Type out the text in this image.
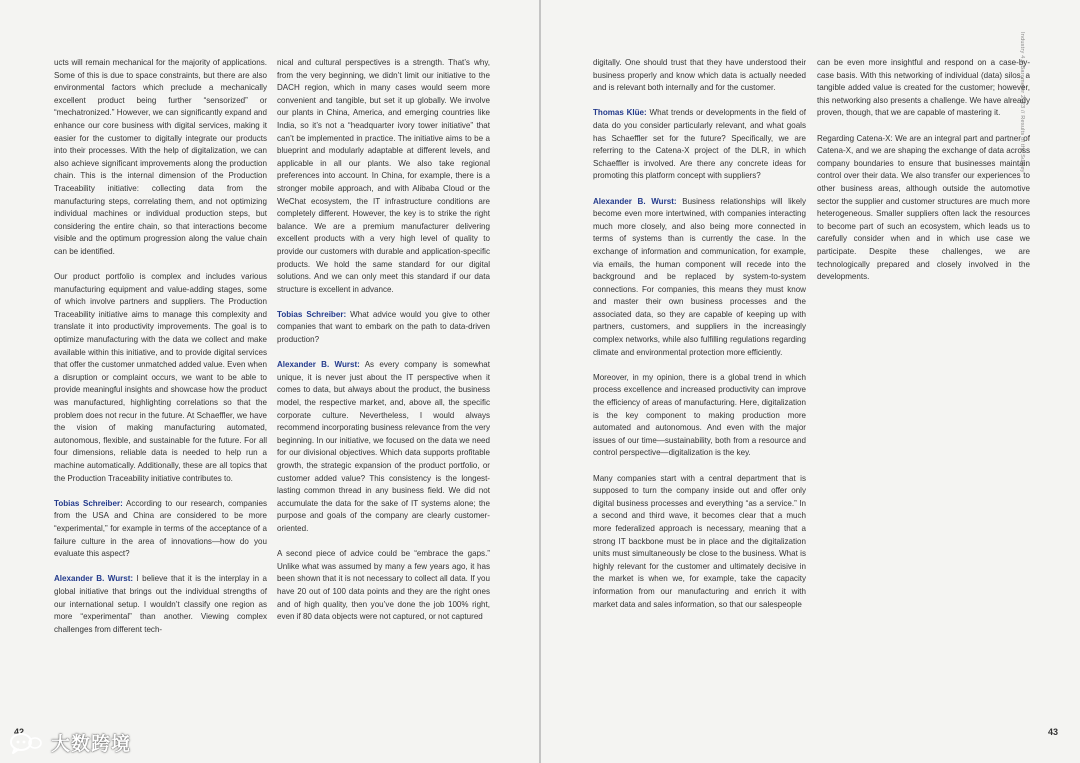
ucts will remain mechanical for the majority of applications. Some of this is due to space constraints, but there are also environmental factors which preclude a mechanically excellent product being further “sensorized” or “mechatronized.” However, we can significantly expand and enhance our core business with digital services, making it easier for the customer to digitally integrate our products into their processes. With the help of digitalization, we can also achieve significant improvements along the production chain. This is the internal dimension of the Production Traceability initiative: collecting data from the manufacturing steps, correlating them, and not optimizing individual machines or individual production steps, but considering the entire chain, so that interactions become visible and the optimum progression along the value chain can be identified.

Our product portfolio is complex and includes various manufacturing equipment and value-adding stages, some of which involve partners and suppliers. The Production Traceability initiative aims to manage this complexity and translate it into productivity improvements. The goal is to optimize manufacturing with the data we collect and make available within this initiative, and to provide digital services that offer the customer unmatched added value. Even when a disruption or complaint occurs, we want to be able to provide meaningful insights and showcase how the product was manufactured, highlighting correlations so that the problem does not recur in the future. At Schaeffler, we have the vision of making manufacturing automated, autonomous, flexible, and sustainable for the future. For all four dimensions, reliable data is needed to help run a machine automatically. Additionally, these are all topics that the Production Traceability initiative contributes to.

Tobias Schreiber: According to our research, companies from the USA and China are considered to be more “experimental,” for example in terms of the acceptance of a failure culture in the area of innovations—how do you evaluate this aspect?

Alexander B. Wurst: I believe that it is the interplay in a global initiative that brings out the individual strengths of our international setup. I wouldn’t classify one region as more “experimental” than another. Viewing complex challenges from different tech-

nical and cultural perspectives is a strength. That’s why, from the very beginning, we didn’t limit our initiative to the DACH region, which in many cases would seem more convenient and tangible, but set it up globally. We involve our plants in China, America, and emerging countries like India, so it’s not a “headquarter ivory tower initiative” that can’t be implemented in practice. The initiative aims to be a blueprint and modularly adaptable at different levels, and applicable in all our plants. We also take regional preferences into account. In China, for example, there is a stronger mobile approach, and with Alibaba Cloud or the WeChat ecosystem, the IT infrastructure conditions are completely different. However, the key is to strike the right balance. We are a premium manufacturer delivering excellent products with a very high level of quality to provide our customers with durable and application-specific products. We hold the same standard for our digital solutions. And we can only meet this standard if our data structure is excellent in advance.

Tobias Schreiber: What advice would you give to other companies that want to embark on the path to data-driven production?

Alexander B. Wurst: As every company is somewhat unique, it is never just about the IT perspective when it comes to data, but always about the product, the business model, the respective market, and, above all, the specific corporate culture. Nevertheless, I would always recommend incorporating business relevance from the very beginning. In our initiative, we focused on the data we need for our divisional objectives. Which data supports profitable growth, the strategic expansion of the product portfolio, or customer added value? This consistency is the longest-lasting common thread in any business field. We did not accumulate the data for the sake of IT systems alone; the purpose and goals of the company are clearly customer-oriented.

A second piece of advice could be “embrace the gaps.” Unlike what was assumed by many a few years ago, it has been shown that it is not necessary to collect all data. If you have 20 out of 100 data points and they are the right ones and of high quality, then you’ve done the job 100% right, even if 80 data objects were not captured, or not captured

42
Industry 4.0 Barometer 2023 // Results of the Survey

digitally. One should trust that they have understood their business properly and know which data is actually needed and is relevant both internally and for the customer.

Thomas Klüe: What trends or developments in the field of data do you consider particularly relevant, and what goals has Schaeffler set for the future? Specifically, we are referring to the Catena-X project of the DLR, in which Schaeffler is involved. Are there any concrete ideas for promoting this platform concept with suppliers?

Alexander B. Wurst: Business relationships will likely become even more intertwined, with companies interacting much more closely, and also being more connected in terms of systems than is currently the case. In the exchange of information and communication, for example, via emails, the human component will recede into the background and be replaced by system-to-system connections. For companies, this means they must know and master their own business processes and the associated data, so they are capable of keeping up with partners, customers, and suppliers in the increasingly complex networks, while also fulfilling regulations regarding climate and environmental protection more efficiently.

Moreover, in my opinion, there is a global trend in which process excellence and increased productivity can improve the efficiency of areas of manufacturing. Here, digitalization is the key component to making production more automated and autonomous. And even with the major issues of our time—sustainability, both from a resource and control perspective—digitalization is the key.

Many companies start with a central department that is supposed to turn the company inside out and offer only digital business processes and everything “as a service.” In a second and third wave, it becomes clear that a much more federalized approach is necessary, meaning that a strong IT backbone must be in place and the digitalization units must simultaneously be close to the business. What is highly relevant for the customer and ultimately decisive in the market is when we, for example, take the capacity information from our manufacturing and enrich it with market data and sales information, so that our salespeople

can be even more insightful and respond on a case-by-case basis. With this networking of individual (data) silos, a tangible added value is created for the customer; however, this networking also presents a challenge. We have already proven, though, that we are capable of mastering it.

Regarding Catena-X: We are an integral part and partner of Catena-X, and we are shaping the exchange of data across company boundaries to ensure that businesses maintain control over their data. We also transfer our experiences to other business areas, although outside the automotive sector the supplier and customer structures are much more heterogeneous. Smaller suppliers often lack the resources to become part of such an ecosystem, which leads us to carefully consider when and in which use case we participate. Despite these challenges, we are technologically prepared and closely involved in the developments.

43
大数跨境
